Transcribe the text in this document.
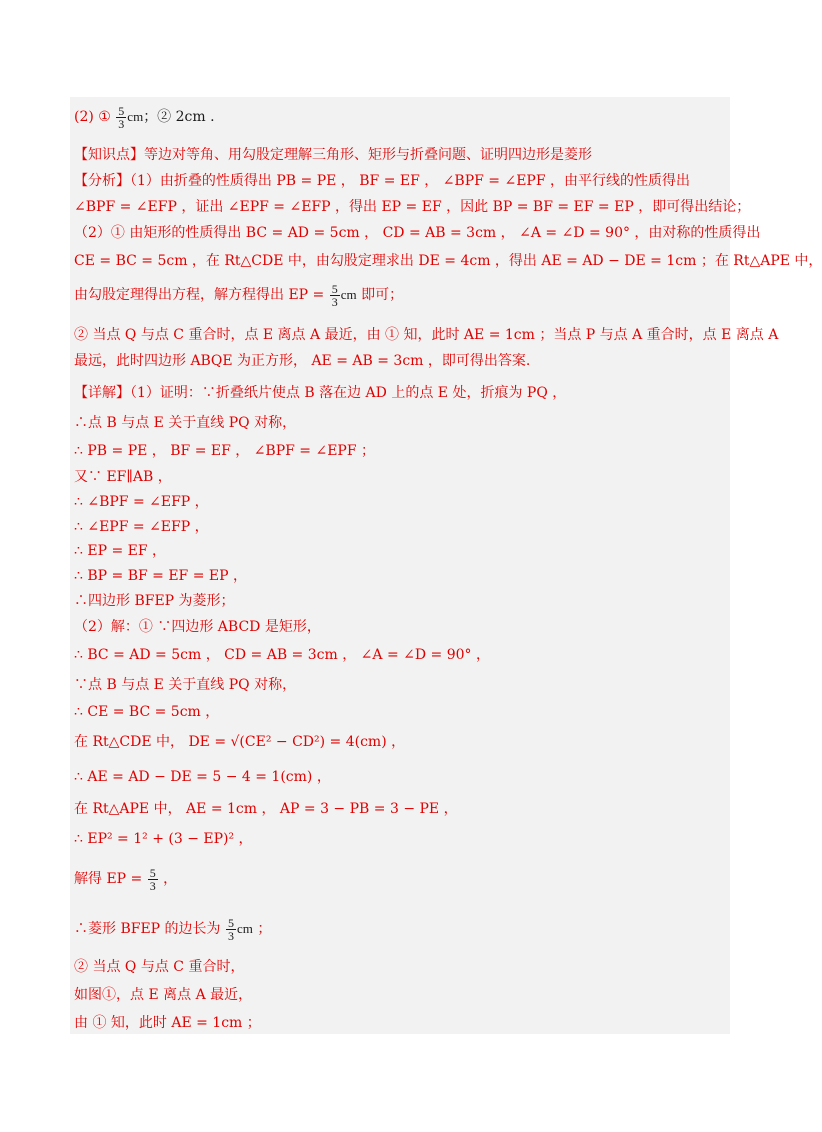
(2) ① $\frac{5}{3}$ cm；② 2cm .
【知识点】等边对等角、用勾股定理解三角形、矩形与折叠问题、证明四边形是菱形
【分析】（1）由折叠的性质得出 PB = PE ， BF = EF ， ∠BPF = ∠EPF ，由平行线的性质得出
∠BPF = ∠EFP ，证出 ∠EPF = ∠EFP ，得出 EP = EF ，因此 BP = BF = EF = EP ，即可得出结论；
（2）① 由矩形的性质得出 BC = AD = 5cm ， CD = AB = 3cm ， ∠A = ∠D = 90° ，由对称的性质得出
CE = BC = 5cm ，在 Rt△CDE 中，由勾股定理求出 DE = 4cm ，得出 AE = AD − DE = 1cm ；在 Rt△APE 中，
由勾股定理得出方程，解方程得出 EP = $\frac{5}{3}$ cm 即可；
② 当点 Q 与点 C 重合时，点 E 离点 A 最近，由 ① 知，此时 AE = 1cm ；当点 P 与点 A 重合时，点 E 离点 A
最远，此时四边形 ABQE 为正方形， AE = AB = 3cm ，即可得出答案.
【详解】（1）证明：∵折叠纸片使点 B 落在边 AD 上的点 E 处，折痕为 PQ ，
∴点 B 与点 E 关于直线 PQ 对称，
∴ PB = PE ， BF = EF ， ∠BPF = ∠EPF ；
又∵ EF∥AB ，
∴ ∠BPF = ∠EFP ，
∴ ∠EPF = ∠EFP ，
∴ EP = EF ，
∴ BP = BF = EF = EP ，
∴四边形 BFEP 为菱形；
（2）解：① ∵四边形 ABCD 是矩形，
∴ BC = AD = 5cm ， CD = AB = 3cm ， ∠A = ∠D = 90° ，
∵点 B 与点 E 关于直线 PQ 对称，
∴ CE = BC = 5cm ，
在 Rt△CDE 中， DE = √(CE² − CD²) = 4(cm) ，
∴ AE = AD − DE = 5 − 4 = 1(cm) ，
在 Rt△APE 中， AE = 1cm ， AP = 3 − PB = 3 − PE ，
∴ EP² = 1² + (3 − EP)² ，
解得 EP = $\frac{5}{3}$ ，
∴菱形 BFEP 的边长为 $\frac{5}{3}$ cm ；
② 当点 Q 与点 C 重合时，
如图①，点 E 离点 A 最近，
由 ① 知，此时 AE = 1cm ；
